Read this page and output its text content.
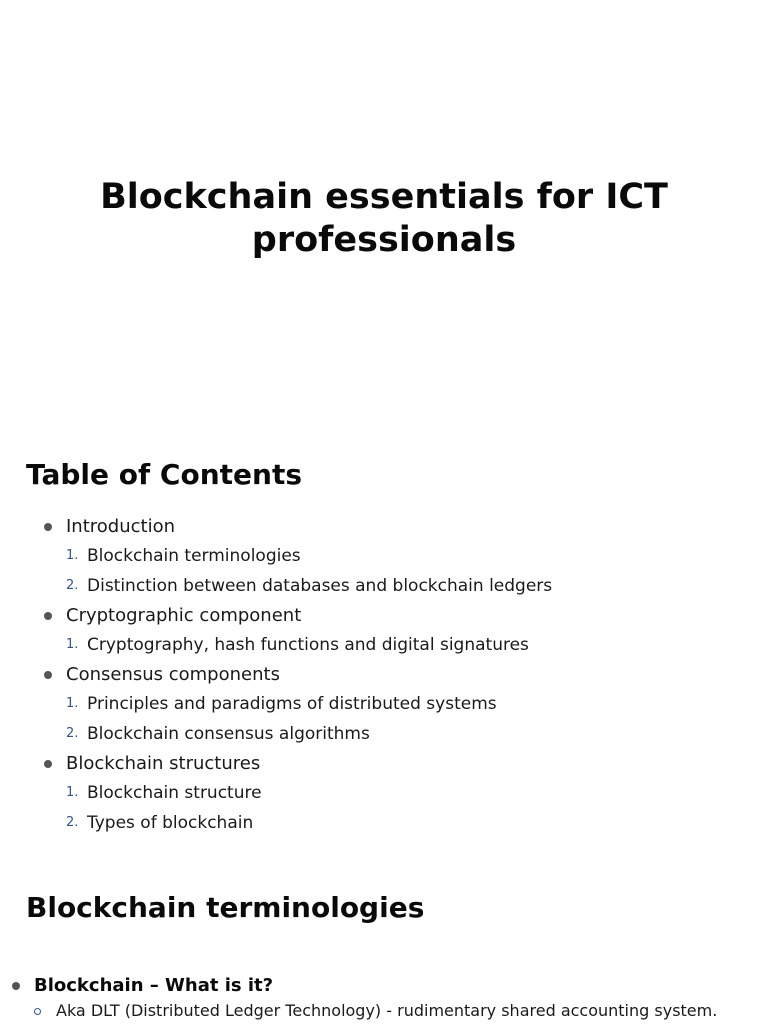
Blockchain essentials for ICT professionals
Table of Contents
Introduction
1. Blockchain terminologies
2. Distinction between databases and blockchain ledgers
Cryptographic component
1. Cryptography, hash functions and digital signatures
Consensus components
1. Principles and paradigms of distributed systems
2. Blockchain consensus algorithms
Blockchain structures
1. Blockchain structure
2. Types of blockchain
Blockchain terminologies
Blockchain – What is it?
Aka DLT (Distributed Ledger Technology) - rudimentary shared accounting system.
